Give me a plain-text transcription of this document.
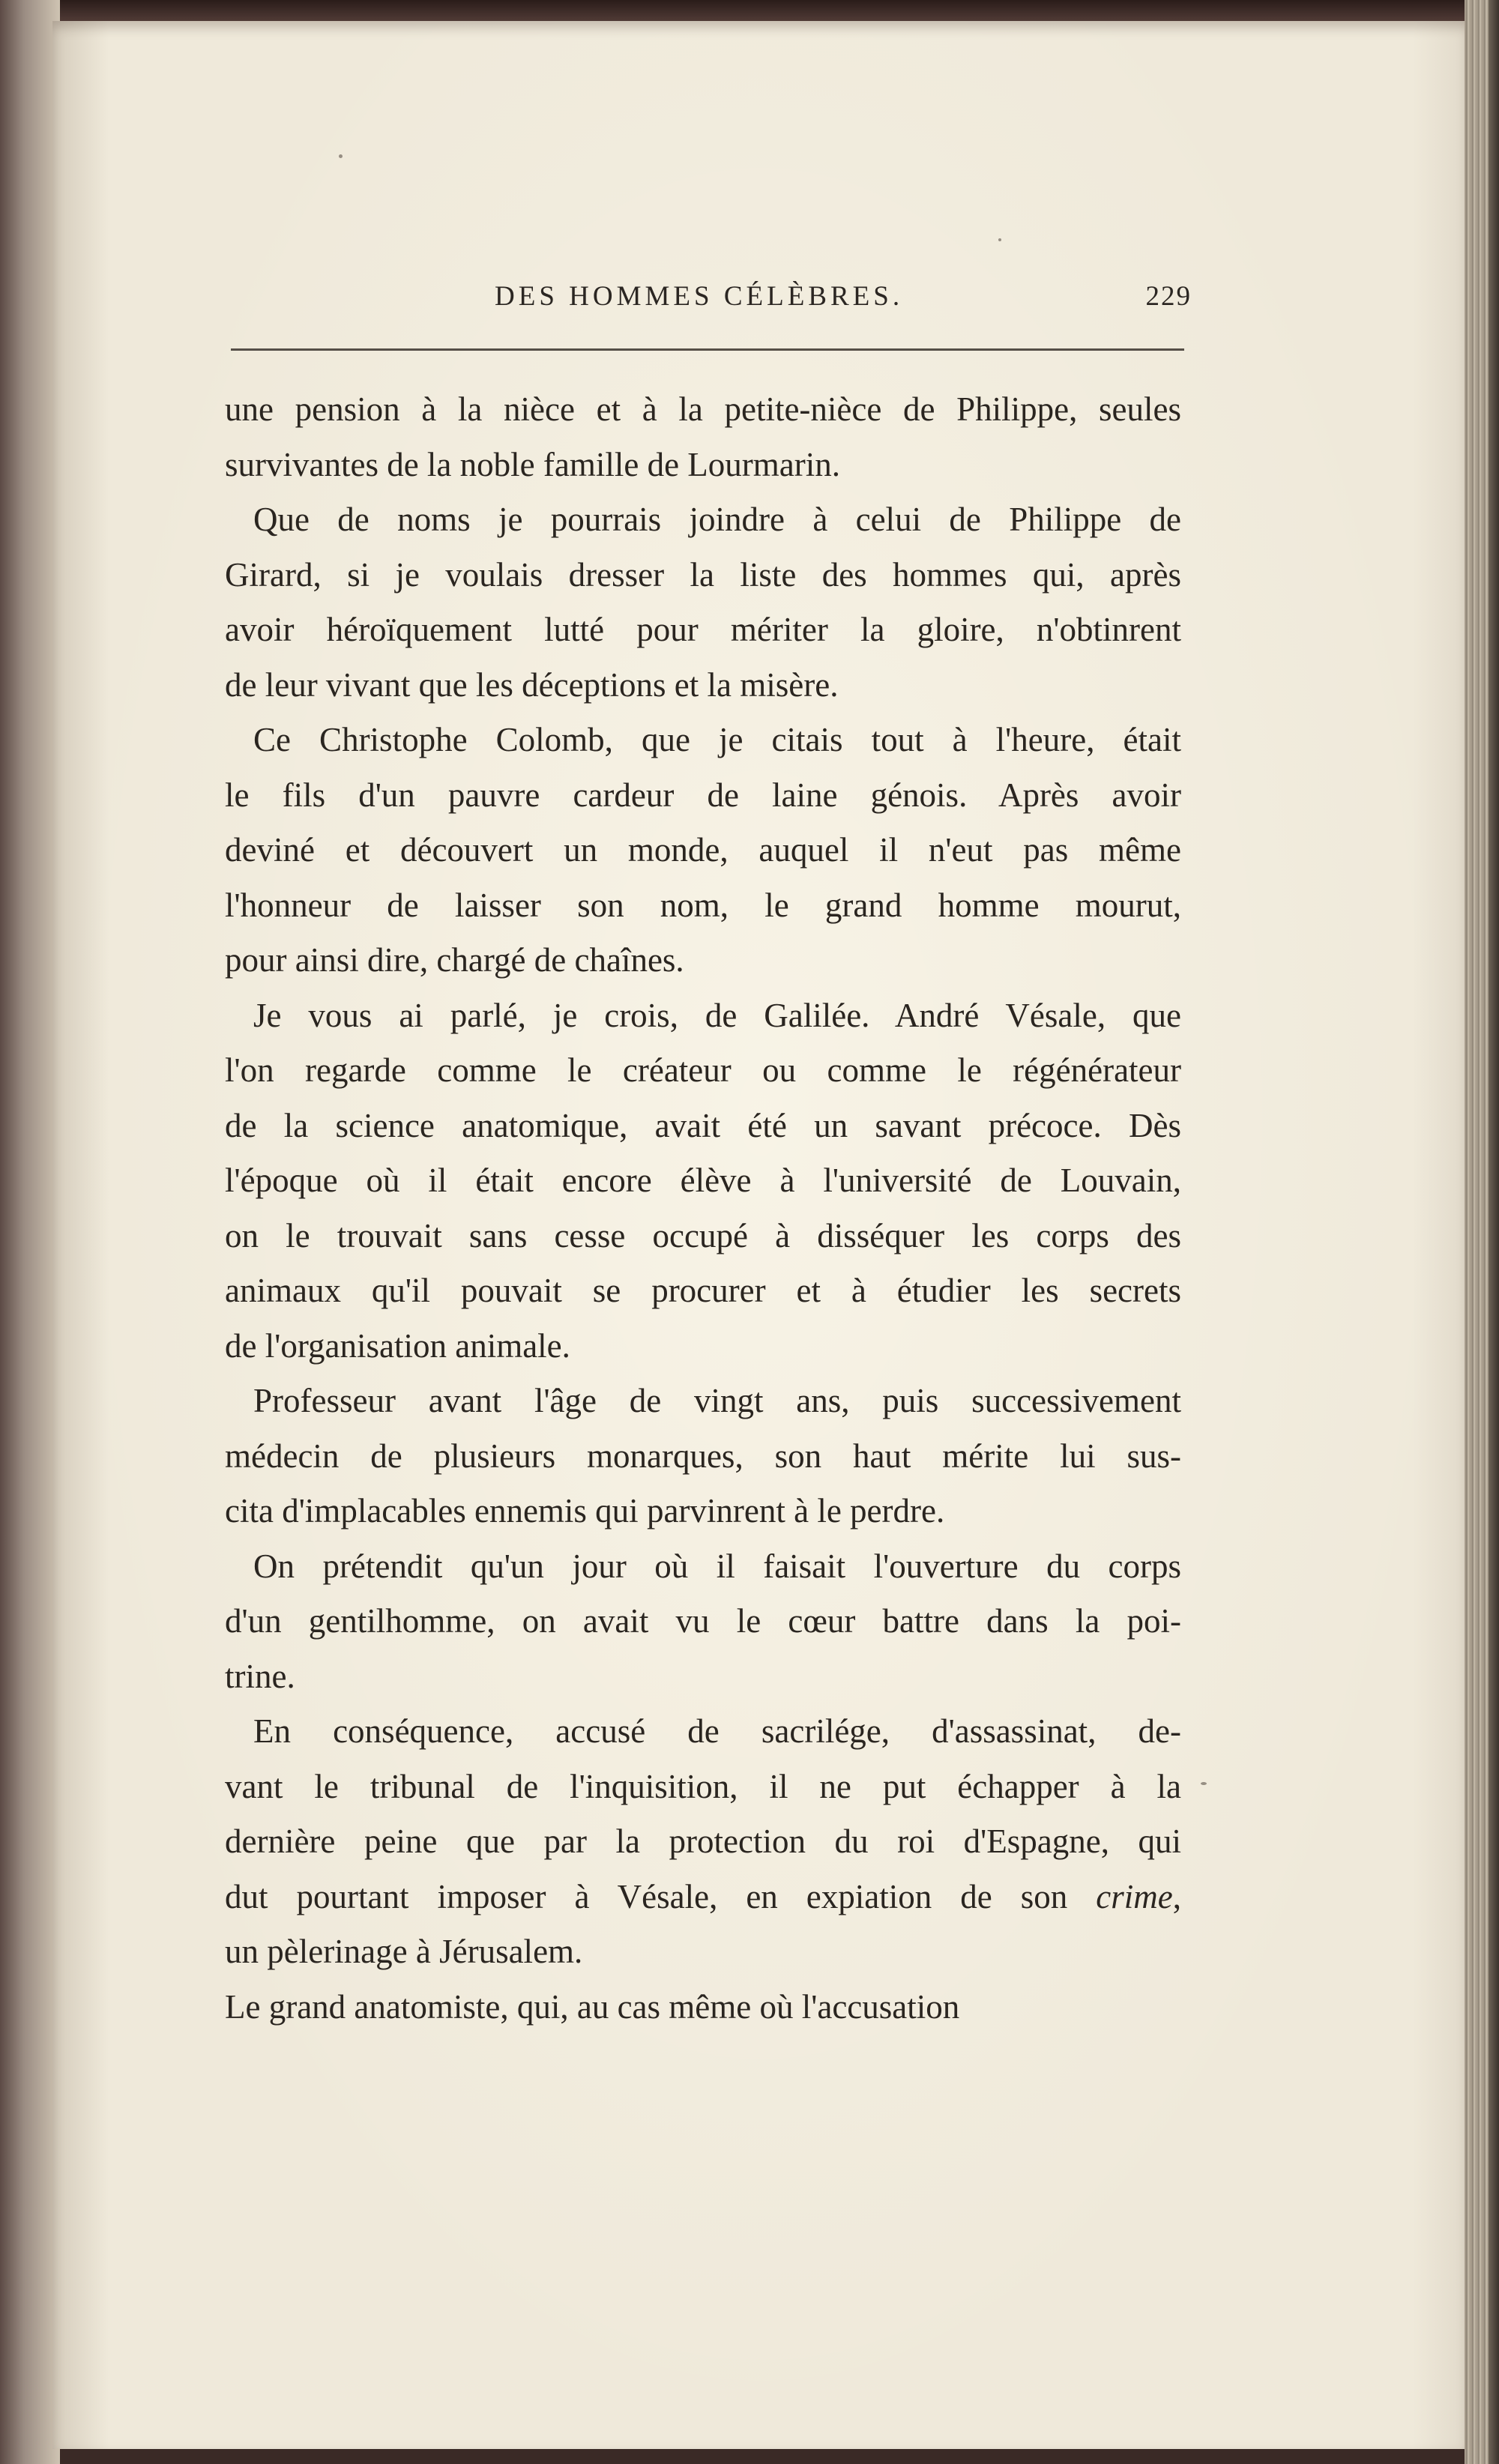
DES HOMMES CÉLÈBRES.	229
une pension à la nièce et à la petite-nièce de Philippe, seules
survivantes de la noble famille de Lourmarin.
Que de noms je pourrais joindre à celui de Philippe de
Girard, si je voulais dresser la liste des hommes qui, après
avoir héroïquement lutté pour mériter la gloire, n'obtinrent
de leur vivant que les déceptions et la misère.
Ce Christophe Colomb, que je citais tout à l'heure, était
le fils d'un pauvre cardeur de laine génois. Après avoir
deviné et découvert un monde, auquel il n'eut pas même
l'honneur de laisser son nom, le grand homme mourut,
pour ainsi dire, chargé de chaînes.
Je vous ai parlé, je crois, de Galilée. André Vésale, que
l'on regarde comme le créateur ou comme le régénérateur
de la science anatomique, avait été un savant précoce. Dès
l'époque où il était encore élève à l'université de Louvain,
on le trouvait sans cesse occupé à disséquer les corps des
animaux qu'il pouvait se procurer et à étudier les secrets
de l'organisation animale.
Professeur avant l'âge de vingt ans, puis successivement
médecin de plusieurs monarques, son haut mérite lui sus-
cita d'implacables ennemis qui parvinrent à le perdre.
On prétendit qu'un jour où il faisait l'ouverture du corps
d'un gentilhomme, on avait vu le cœur battre dans la poi-
trine.
En conséquence, accusé de sacrilége, d'assassinat, de-
vant le tribunal de l'inquisition, il ne put échapper à la
dernière peine que par la protection du roi d'Espagne, qui
dut pourtant imposer à Vésale, en expiation de son crime,
un pèlerinage à Jérusalem.
Le grand anatomiste, qui, au cas même où l'accusation
